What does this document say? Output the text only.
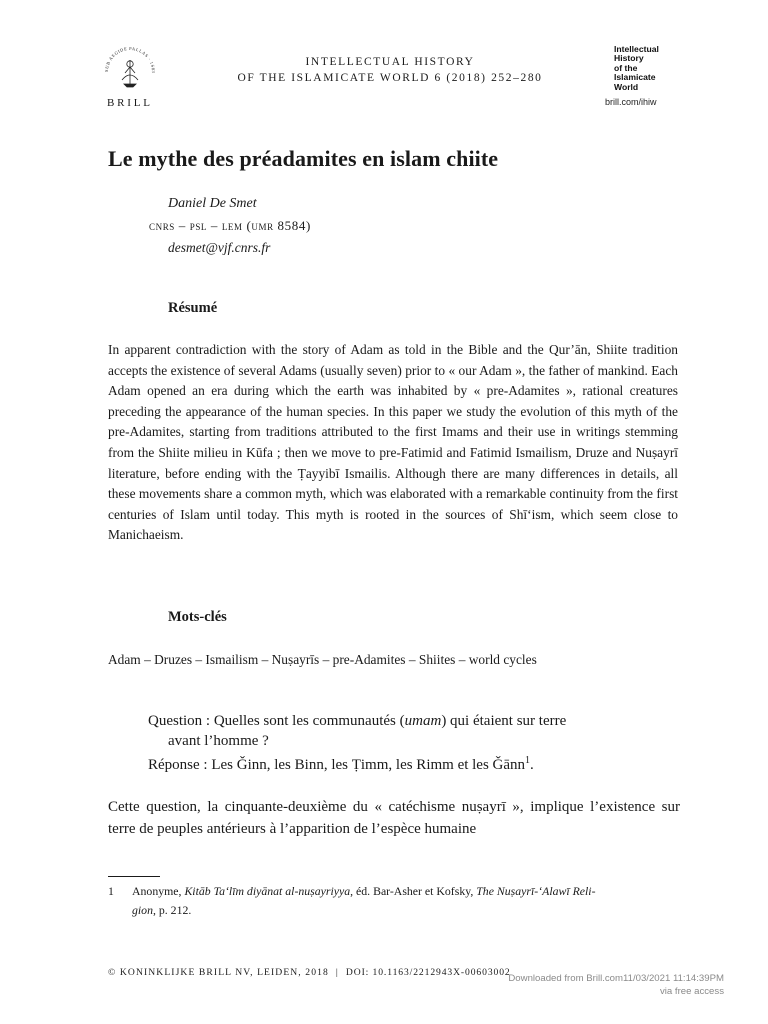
SUB AEGIDE PALLAS · 1683
BRILL
INTELLECTUAL HISTORY
OF THE ISLAMICATE WORLD 6 (2018) 252–280
Intellectual
History
of the
Islamicate
World
brill.com/ihiw
Le mythe des préadamites en islam chiite
Daniel De Smet
cnrs – psl – lem (umr 8584)
desmet@vjf.cnrs.fr
Résumé

In apparent contradiction with the story of Adam as told in the Bible and the Qur’ān, Shiite tradition accepts the existence of several Adams (usually seven) prior to « our Adam », the father of mankind. Each Adam opened an era during which the earth was inhabited by « pre-Adamites », rational creatures preceding the appearance of the human species. In this paper we study the evolution of this myth of the pre-Adamites, starting from traditions attributed to the first Imams and their use in writings stemming from the Shiite milieu in Kūfa ; then we move to pre-Fatimid and Fatimid Ismailism, Druze and Nuṣayrī literature, before ending with the Ṭayyibī Ismailis. Although there are many differences in details, all these movements share a common myth, which was elaborated with a remarkable continuity from the first centuries of Islam until today. This myth is rooted in the sources of Shī‘ism, which seem close to Manichaeism.

Mots-clés
Adam – Druzes – Ismailism – Nuṣayrīs – pre-Adamites – Shiites – world cycles
Question : Quelles sont les communautés (umam) qui étaient sur terre
avant l’homme ?
Réponse : Les Ǧinn, les Binn, les Ṭimm, les Rimm et les Ǧānn$^1$.

Cette question, la cinquante-deuxième du « catéchisme nuṣayrī », implique l’existence sur terre de peuples antérieurs à l’apparition de l’espèce humaine

1 Anonyme, Kitāb Ta‘līm diyānat al-nuṣayriyya, éd. Bar-Asher et Kofsky, The Nuṣayrī-‘Alawī Reli-
gion, p. 212.
© KONINKLIJKE BRILL NV, LEIDEN, 2018 | DOI: 10.1163/2212943X-00603002
Downloaded from Brill.com11/03/2021 11:14:39PM
via free access
